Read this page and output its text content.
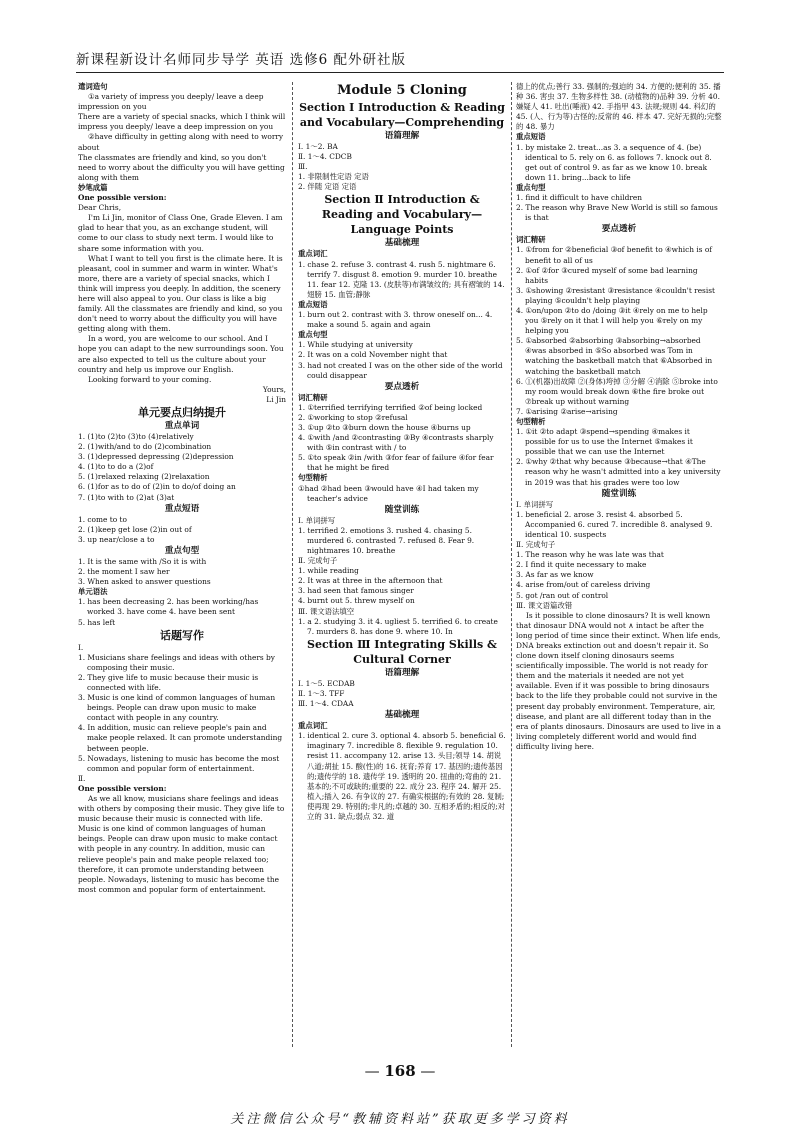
新课程新设计名师同步导学 英语 选修6 配外研社版

遣词造句

①a variety of impress you deeply/ leave a deep impression on you

There are a variety of special snacks, which I think will impress you deeply/ leave a deep impression on you

②have difficulty in getting along with need to worry about

The classmates are friendly and kind, so you don't need to worry about the difficulty you will have getting along with them

妙笔成篇

One possible version:

Dear Chris,

I'm Li Jin, monitor of Class One, Grade Eleven. I am glad to hear that you, as an exchange student, will come to our class to study next term. I would like to share some information with you.

What I want to tell you first is the climate here. It is pleasant, cool in summer and warm in winter. What's more, there are a variety of special snacks, which I think will impress you deeply. In addition, the scenery here will also appeal to you. Our class is like a big family. All the classmates are friendly and kind, so you don't need to worry about the difficulty you will have getting along with them.

In a word, you are welcome to our school. And I hope you can adapt to the new surroundings soon. You are also expected to tell us the culture about your country and help us improve our English.

Looking forward to your coming.

Yours,

Li Jin

单元要点归纳提升

重点单词

1. (1)to (2)to (3)to (4)relatively

2. (1)with/and to do (2)combination

3. (1)depressed depressing (2)depression

4. (1)to to do a (2)of

5. (1)relaxed relaxing (2)relaxation

6. (1)for as to do of (2)in to do/of doing an

7. (1)to with to (2)at (3)at

重点短语

1. come to to

2. (1)keep get lose (2)in out of

3. up near/close a to

重点句型

1. It is the same with /So it is with

2. the moment I saw her

3. When asked to answer questions

单元语法

1. has been decreasing 2. has been working/has worked 3. have come 4. have been sent

5. has left

话题写作

Ⅰ.

1. Musicians share feelings and ideas with others by composing their music.

2. They give life to music because their music is connected with life.

3. Music is one kind of common languages of human beings. People can draw upon music to make contact with people in any country.

4. In addition, music can relieve people's pain and make people relaxed. It can promote understanding between people.

5. Nowadays, listening to music has become the most common and popular form of entertainment.

Ⅱ.

One possible version:

As we all know, musicians share feelings and ideas with others by composing their music. They give life to music because their music is connected with life. Music is one kind of common languages of human beings. People can draw upon music to make contact with people in any country. In addition, music can relieve people's pain and make people relaxed too; therefore, it can promote understanding between people. Nowadays, listening to music has become the most common and popular form of entertainment.

Module 5 Cloning

Section Ⅰ Introduction & Reading and Vocabulary—Comprehending

语篇理解

Ⅰ. 1～2. BA

Ⅱ. 1～4. CDCB

Ⅲ.

1. 非限制性定语 定语

2. 伴随 定语 定语

Section Ⅱ Introduction & Reading and Vocabulary—Language Points

基础梳理

重点词汇

1. chase 2. refuse 3. contrast 4. rush 5. nightmare 6. terrify 7. disgust 8. emotion 9. murder 10. breathe 11. fear 12. 克隆 13. (皮肤等)布满皱纹的; 具有褶皱的 14. 翅膀 15. 血管;静脉

重点短语

1. burn out 2. contrast with 3. throw oneself on... 4. make a sound 5. again and again

重点句型

1. While studying at university

2. It was on a cold November night that

3. had not created I was on the other side of the world could disappear

要点透析

词汇精研

1. ①terrified terrifying terrified ②of being locked

2. ①working to stop ②refusal

3. ①up ②to ③burn down the house ④burns up

4. ①with /and ②contrasting ③By ④contrasts sharply with ⑤in contrast with / to

5. ①to speak ②in /with ③for fear of failure ④for fear that he might be fired

句型精析

①had ②had been ③would have ④I had taken my teacher's advice

随堂训练

Ⅰ. 单词拼写

1. terrified 2. emotions 3. rushed 4. chasing 5. murdered 6. contrasted 7. refused 8. Fear 9. nightmares 10. breathe

Ⅱ. 完成句子

1. while reading

2. It was at three in the afternoon that

3. had seen that famous singer

4. burnt out 5. threw myself on

Ⅲ. 课文语法填空

1. a 2. studying 3. it 4. ugliest 5. terrified 6. to create 7. murders 8. has done 9. where 10. In

Section Ⅲ Integrating Skills & Cultural Corner

语篇理解

Ⅰ. 1～5. ECDAB

Ⅱ. 1～3. TFF

Ⅲ. 1～4. CDAA

基础梳理

重点词汇

1. identical 2. cure 3. optional 4. absorb 5. beneficial 6. imaginary 7. incredible 8. flexible 9. regulation 10. resist 11. accompany 12. arise 13. 头目;领导 14. 胡说八道;胡扯 15. 酸(性)的 16. 抚育;养育 17. 基因的;遗传基因的;遗传学的 18. 遗传学 19. 透明的 20. 扭曲的;弯曲的 21. 基本的;不可或缺的;重要的 22. 成分 23. 程序 24. 解开 25. 植入;插入 26. 有争议的 27. 有确实根据的;有效的 28. 复制;使再现 29. 特别的;非凡的;卓越的 30. 互相矛盾的;相反的;对立的 31. 缺点;弱点 32. 道

德上的优点;善行 33. 强制的;强迫的 34. 方便的;便利的 35. 播种 36. 害虫 37. 生物多样性 38. (动植物的)品种 39. 分析 40. 嫌疑人 41. 吐出(唾液) 42. 手指甲 43. 法规;规则 44. 科幻的 45. (人、行为等)古怪的;反常的 46. 样本 47. 完好无损的;完整的 48. 暴力

重点短语

1. by mistake 2. treat...as 3. a sequence of 4. (be) identical to 5. rely on 6. as follows 7. knock out 8. get out of control 9. as far as we know 10. break down 11. bring...back to life

重点句型

1. find it difficult to have children

2. The reason why Brave New World is still so famous is that

要点透析

词汇精研

1. ①from for ②beneficial ③of benefit to ④which is of benefit to all of us

2. ①of ②for ③cured myself of some bad learning habits

3. ①showing ②resistant ③resistance ④couldn't resist playing ⑤couldn't help playing

4. ①on/upon ②to do /doing ③it ④rely on me to help you ⑤rely on it that I will help you ⑥rely on my helping you

5. ①absorbed ②absorbing ③absorbing→absorbed ④was absorbed in ⑤So absorbed was Tom in watching the basketball match that ⑥Absorbed in watching the basketball match

6. ①(机器)出故障 ②(身体)垮掉 ③分解 ④消除 ⑤broke into my room would break down ⑥the fire broke out ⑦break up without warning

7. ①arising ②arise→arising

句型精析

1. ①it ②to adapt ③spend→spending ④makes it possible for us to use the Internet ⑤makes it possible that we can use the Internet

2. ①why ②that why because ③because→that ④The reason why he wasn't admitted into a key university in 2019 was that his grades were too low

随堂训练

Ⅰ. 单词拼写

1. beneficial 2. arose 3. resist 4. absorbed 5. Accompanied 6. cured 7. incredible 8. analysed 9. identical 10. suspects

Ⅱ. 完成句子

1. The reason why he was late was that

2. I find it quite necessary to make

3. As far as we know

4. arise from/out of careless driving

5. got /ran out of control

Ⅲ. 课文语篇改错

Is it possible to clone dinosaurs? It is well known that dinosaur DNA would not ∧ intact be after the long period of time since their extinct. When life ends, DNA breaks extinction out and doesn't repair it. So clone down itself cloning dinosaurs seems scientifically impossible. The world is not ready for them and the materials it needed are not yet available. Even if it was possible to bring dinosaurs back to the life they probable could not survive in the present day probably environment. Temperature, air, disease, and plant are all different today than in the era of plants dinosaurs. Dinosaurs are used to live in a living completely different world and would find difficulty living here.

— 168 —
关注微信公众号“教辅资料站”获取更多学习资料
